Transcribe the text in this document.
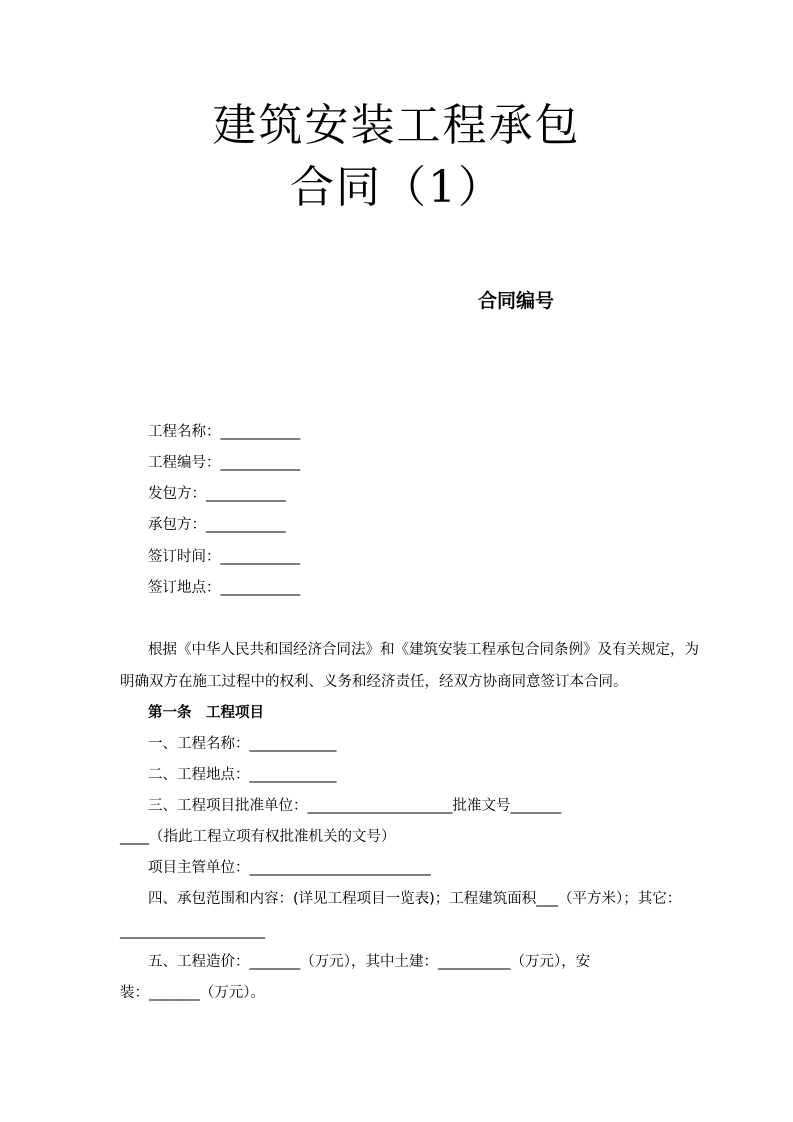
建筑安装工程承包
合同（1）
合同编号
工程名称：___________
工程编号：___________
发包方：___________
承包方：___________
签订时间：___________
签订地点：___________
根据《中华人民共和国经济合同法》和《建筑安装工程承包合同条例》及有关规定，为
明确双方在施工过程中的权利、义务和经济责任，经双方协商同意签订本合同。
第一条　工程项目
一、工程名称：____________
二、工程地点：____________
三、工程项目批准单位：____________________批准文号_______
____（指此工程立项有权批准机关的文号）
项目主管单位：_________________________
四、承包范围和内容：(详见工程项目一览表)；工程建筑面积___（平方米）；其它：
____________________
五、工程造价：_______（万元），其中土建：__________（万元），安
装：_______（万元）。
